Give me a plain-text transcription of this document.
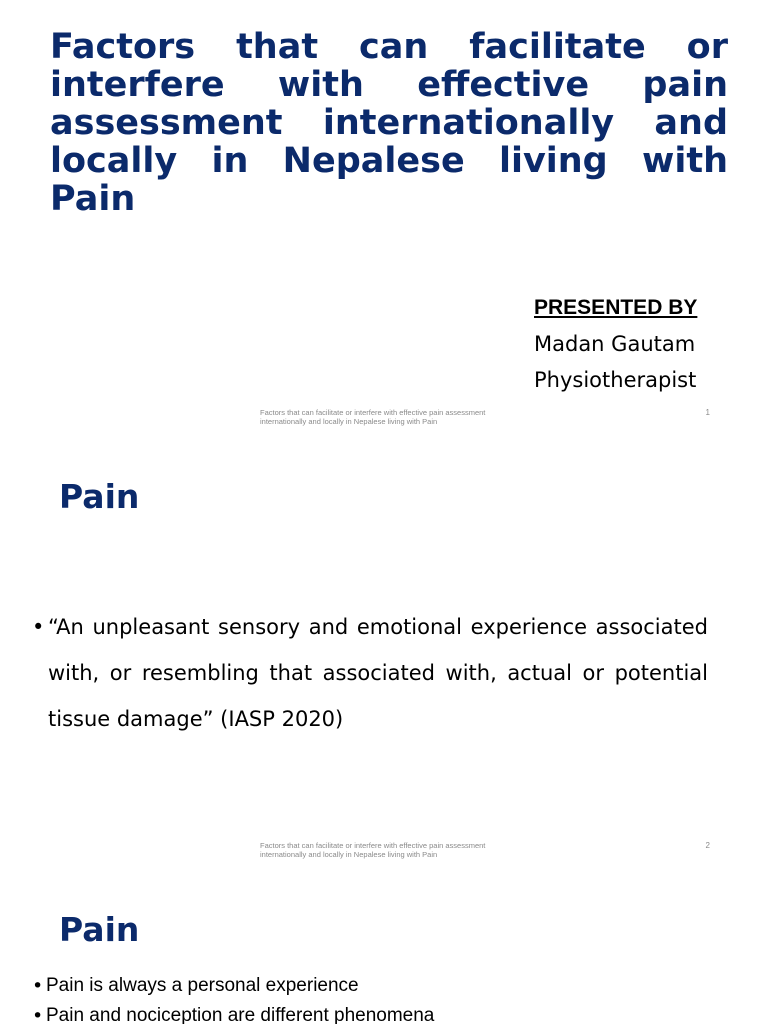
Factors that can facilitate or interfere with effective pain assessment internationally and locally in Nepalese living with Pain
PRESENTED BY
Madan Gautam
Physiotherapist
Factors that can facilitate or interfere with effective pain assessment internationally and locally in Nepalese living with Pain
1
Pain
• “An unpleasant sensory and emotional experience associated with, or resembling that associated with, actual or potential tissue damage” (IASP 2020)
Factors that can facilitate or interfere with effective pain assessment internationally and locally in Nepalese living with Pain
2
Pain
• Pain is always a personal experience
• Pain and nociception are different phenomena
